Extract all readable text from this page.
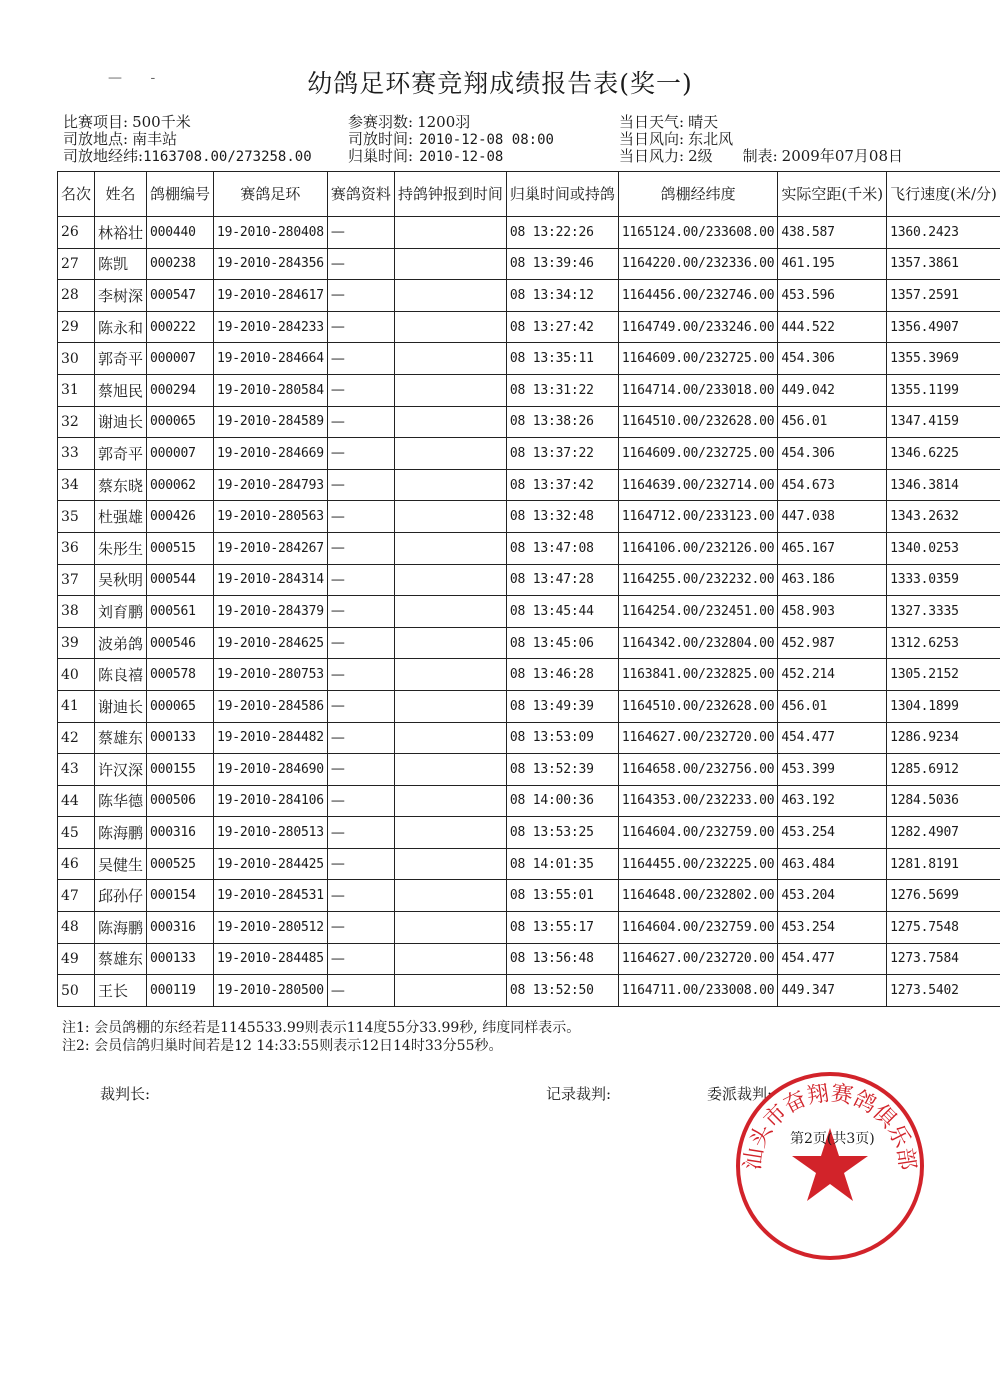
— -	幼鸽足环赛竞翔成绩报告表(奖一)
比赛项目: 500千米
司放地点: 南丰站
司放地经纬:1163708.00/273258.00
参赛羽数: 1200羽
司放时间: 2010-12-08 08:00
归巢时间: 2010-12-08
当日天气: 晴天
当日风向: 东北风
当日风力: 2级 制表: 2009年07月08日
名次	姓名	鸽棚编号	赛鸽足环	赛鸽资料	持鸽钟报到时间	归巢时间或持鸽	鸽棚经纬度	实际空距(千米)	飞行速度(米/分)
26	林裕壮	000440	19-2010-280408	—		08 13:22:26	1165124.00/233608.00	438.587	1360.2423
27	陈凯	000238	19-2010-284356	—		08 13:39:46	1164220.00/232336.00	461.195	1357.3861
28	李树深	000547	19-2010-284617	—		08 13:34:12	1164456.00/232746.00	453.596	1357.2591
29	陈永和	000222	19-2010-284233	—		08 13:27:42	1164749.00/233246.00	444.522	1356.4907
30	郭奇平	000007	19-2010-284664	—		08 13:35:11	1164609.00/232725.00	454.306	1355.3969
31	蔡旭民	000294	19-2010-280584	—		08 13:31:22	1164714.00/233018.00	449.042	1355.1199
32	谢迪长	000065	19-2010-284589	—		08 13:38:26	1164510.00/232628.00	456.01	1347.4159
33	郭奇平	000007	19-2010-284669	—		08 13:37:22	1164609.00/232725.00	454.306	1346.6225
34	蔡东晓	000062	19-2010-284793	—		08 13:37:42	1164639.00/232714.00	454.673	1346.3814
35	杜强雄	000426	19-2010-280563	—		08 13:32:48	1164712.00/233123.00	447.038	1343.2632
36	朱彤生	000515	19-2010-284267	—		08 13:47:08	1164106.00/232126.00	465.167	1340.0253
37	吴秋明	000544	19-2010-284314	—		08 13:47:28	1164255.00/232232.00	463.186	1333.0359
38	刘育鹏	000561	19-2010-284379	—		08 13:45:44	1164254.00/232451.00	458.903	1327.3335
39	波弟鸽	000546	19-2010-284625	—		08 13:45:06	1164342.00/232804.00	452.987	1312.6253
40	陈良禧	000578	19-2010-280753	—		08 13:46:28	1163841.00/232825.00	452.214	1305.2152
41	谢迪长	000065	19-2010-284586	—		08 13:49:39	1164510.00/232628.00	456.01	1304.1899
42	蔡雄东	000133	19-2010-284482	—		08 13:53:09	1164627.00/232720.00	454.477	1286.9234
43	许汉深	000155	19-2010-284690	—		08 13:52:39	1164658.00/232756.00	453.399	1285.6912
44	陈华德	000506	19-2010-284106	—		08 14:00:36	1164353.00/232233.00	463.192	1284.5036
45	陈海鹏	000316	19-2010-280513	—		08 13:53:25	1164604.00/232759.00	453.254	1282.4907
46	吴健生	000525	19-2010-284425	—		08 14:01:35	1164455.00/232225.00	463.484	1281.8191
47	邱孙仔	000154	19-2010-284531	—		08 13:55:01	1164648.00/232802.00	453.204	1276.5699
48	陈海鹏	000316	19-2010-280512	—		08 13:55:17	1164604.00/232759.00	453.254	1275.7548
49	蔡雄东	000133	19-2010-284485	—		08 13:56:48	1164627.00/232720.00	454.477	1273.7584
50	王长	000119	19-2010-280500	—		08 13:52:50	1164711.00/233008.00	449.347	1273.5402
注1: 会员鸽棚的东经若是1145533.99则表示114度55分33.99秒, 纬度同样表示。
注2: 会员信鸽归巢时间若是12 14:33:55则表示12日14时33分55秒。
裁判长:	记录裁判:	委派裁判:
汕头市奋翔赛鸽俱乐部
第2页(共3页)
